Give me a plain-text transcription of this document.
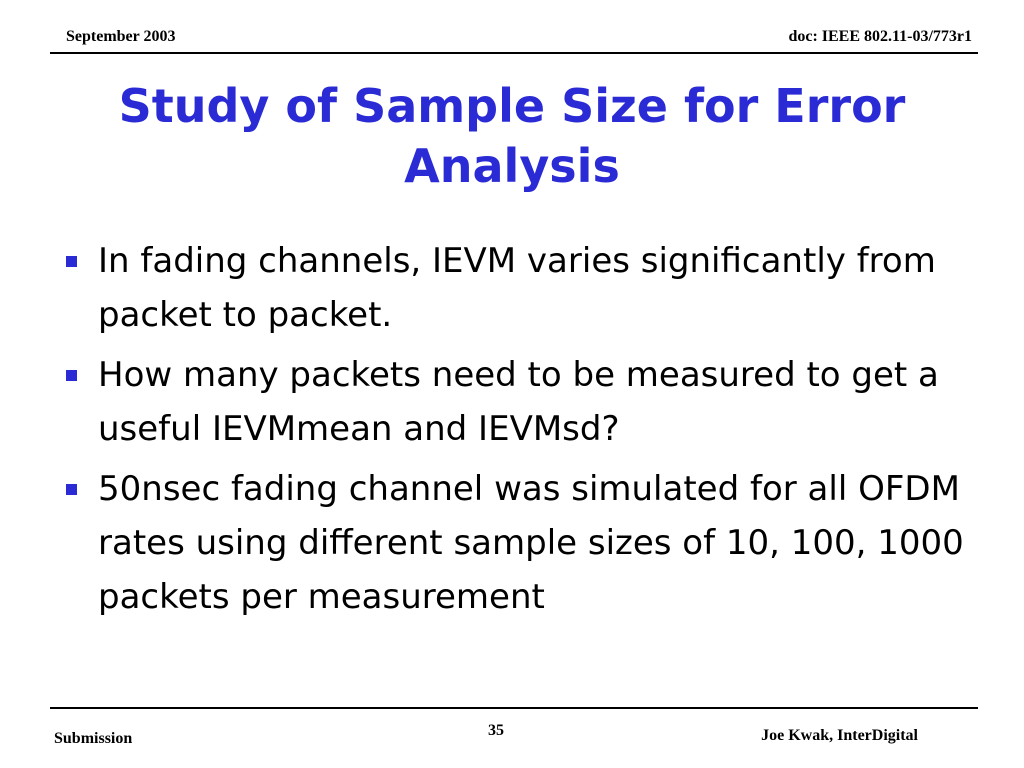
September 2003	doc: IEEE 802.11-03/773r1
Study of Sample Size for Error Analysis
In fading channels, IEVM varies significantly from packet to packet.
How many packets need to be measured to get a useful IEVMmean and IEVMsd?
50nsec fading channel was simulated for all OFDM rates using different sample sizes of 10, 100, 1000 packets per measurement
Submission	35	Joe Kwak, InterDigital
